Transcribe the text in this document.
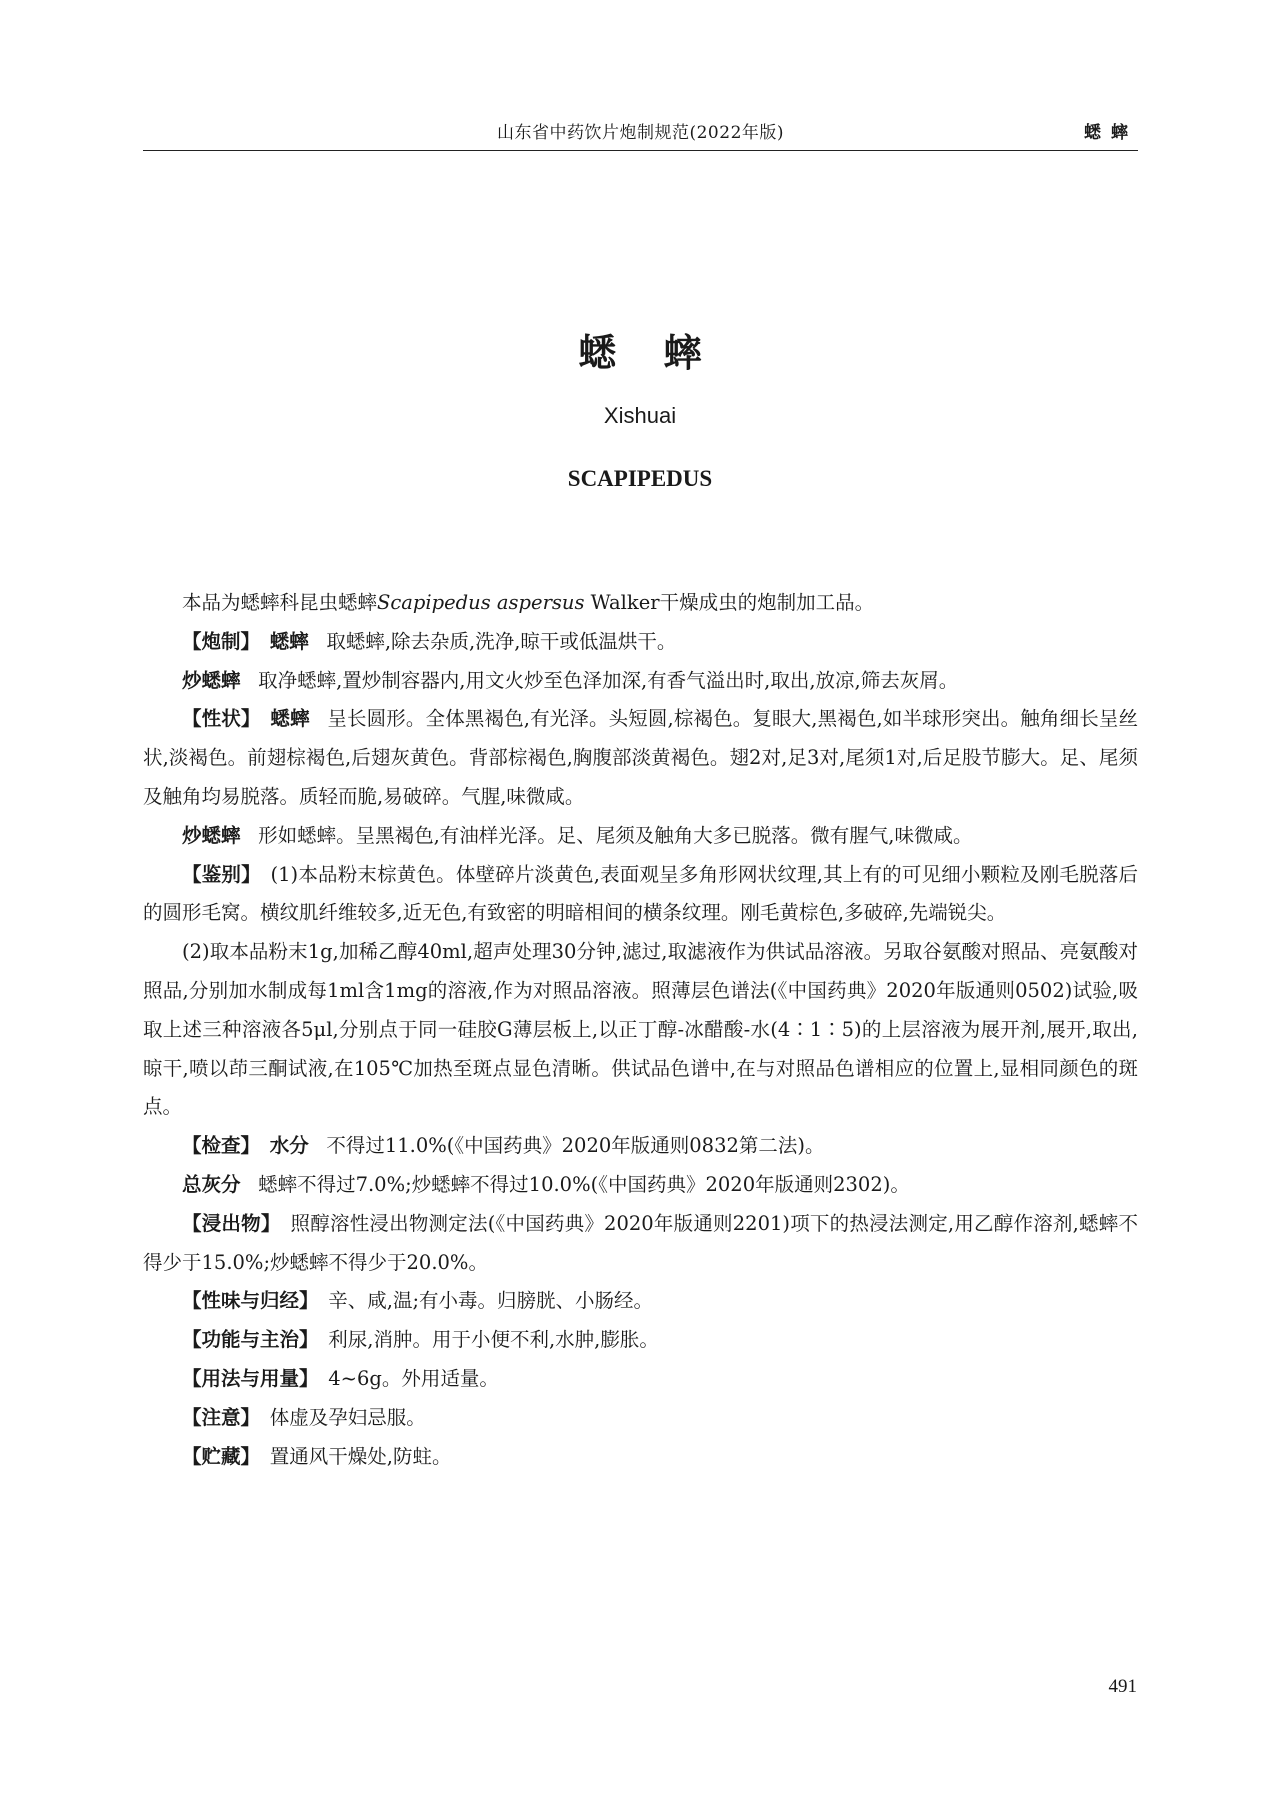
山东省中药饮片炮制规范(2022年版)	蟋蟀
蟋 蟀
Xishuai
SCAPIPEDUS

本品为蟋蟀科昆虫蟋蟀Scapipedus aspersus Walker干燥成虫的炮制加工品。

【炮制】 蟋蟀 取蟋蟀,除去杂质,洗净,晾干或低温烘干。

炒蟋蟀 取净蟋蟀,置炒制容器内,用文火炒至色泽加深,有香气溢出时,取出,放凉,筛去灰屑。

【性状】 蟋蟀 呈长圆形。全体黑褐色,有光泽。头短圆,棕褐色。复眼大,黑褐色,如半球形突出。触角细长呈丝状,淡褐色。前翅棕褐色,后翅灰黄色。背部棕褐色,胸腹部淡黄褐色。翅2对,足3对,尾须1对,后足股节膨大。足、尾须及触角均易脱落。质轻而脆,易破碎。气腥,味微咸。

炒蟋蟀 形如蟋蟀。呈黑褐色,有油样光泽。足、尾须及触角大多已脱落。微有腥气,味微咸。

【鉴别】 (1)本品粉末棕黄色。体壁碎片淡黄色,表面观呈多角形网状纹理,其上有的可见细小颗粒及刚毛脱落后的圆形毛窝。横纹肌纤维较多,近无色,有致密的明暗相间的横条纹理。刚毛黄棕色,多破碎,先端锐尖。

(2)取本品粉末1g,加稀乙醇40ml,超声处理30分钟,滤过,取滤液作为供试品溶液。另取谷氨酸对照品、亮氨酸对照品,分别加水制成每1ml含1mg的溶液,作为对照品溶液。照薄层色谱法(《中国药典》2020年版通则0502)试验,吸取上述三种溶液各5μl,分别点于同一硅胶G薄层板上,以正丁醇-冰醋酸-水(4∶1∶5)的上层溶液为展开剂,展开,取出,晾干,喷以茚三酮试液,在105℃加热至斑点显色清晰。供试品色谱中,在与对照品色谱相应的位置上,显相同颜色的斑点。

【检查】 水分 不得过11.0%(《中国药典》2020年版通则0832第二法)。

总灰分 蟋蟀不得过7.0%;炒蟋蟀不得过10.0%(《中国药典》2020年版通则2302)。

【浸出物】 照醇溶性浸出物测定法(《中国药典》2020年版通则2201)项下的热浸法测定,用乙醇作溶剂,蟋蟀不得少于15.0%;炒蟋蟀不得少于20.0%。

【性味与归经】 辛、咸,温;有小毒。归膀胱、小肠经。

【功能与主治】 利尿,消肿。用于小便不利,水肿,膨胀。

【用法与用量】 4~6g。外用适量。

【注意】 体虚及孕妇忌服。

【贮藏】 置通风干燥处,防蛀。

491
